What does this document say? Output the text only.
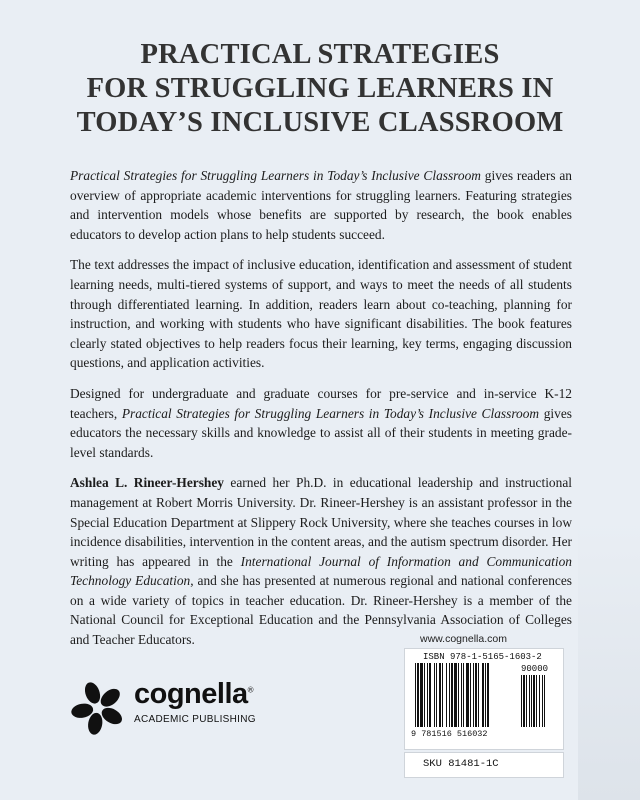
PRACTICAL STRATEGIES
FOR STRUGGLING LEARNERS IN
TODAY’S INCLUSIVE CLASSROOM

Practical Strategies for Struggling Learners in Today’s Inclusive Classroom gives readers an overview of appropriate academic interventions for struggling learners. Featuring strategies and intervention models whose benefits are supported by research, the book enables educators to develop action plans to help students succeed.

The text addresses the impact of inclusive education, identification and assessment of student learning needs, multi-tiered systems of support, and ways to meet the needs of all students through differentiated learning. In addition, readers learn about co-teaching, planning for instruction, and working with students who have significant disabilities. The book features clearly stated objectives to help readers focus their learning, key terms, engaging discussion questions, and application activities.

Designed for undergraduate and graduate courses for pre-service and in-service K-12 teachers, Practical Strategies for Struggling Learners in Today’s Inclusive Classroom gives educators the necessary skills and knowledge to assist all of their students in meeting grade-level standards.

Ashlea L. Rineer-Hershey earned her Ph.D. in educational leadership and instructional management at Robert Morris University. Dr. Rineer-Hershey is an assistant professor in the Special Education Department at Slippery Rock University, where she teaches courses in low incidence disabilities, intervention in the content areas, and the autism spectrum disorder. Her writing has appeared in the International Journal of Information and Communication Technology Education, and she has presented at numerous regional and national conferences on a wide variety of topics in teacher education. Dr. Rineer-Hershey is a member of the National Council for Exceptional Education and the Pennsylvania Association of Colleges and Teacher Educators.	www.cognella.com
cognella®
ACADEMIC PUBLISHING
ISBN 978-1-5165-1603-2
90000
9 781516 516032
SKU 81481-1C
